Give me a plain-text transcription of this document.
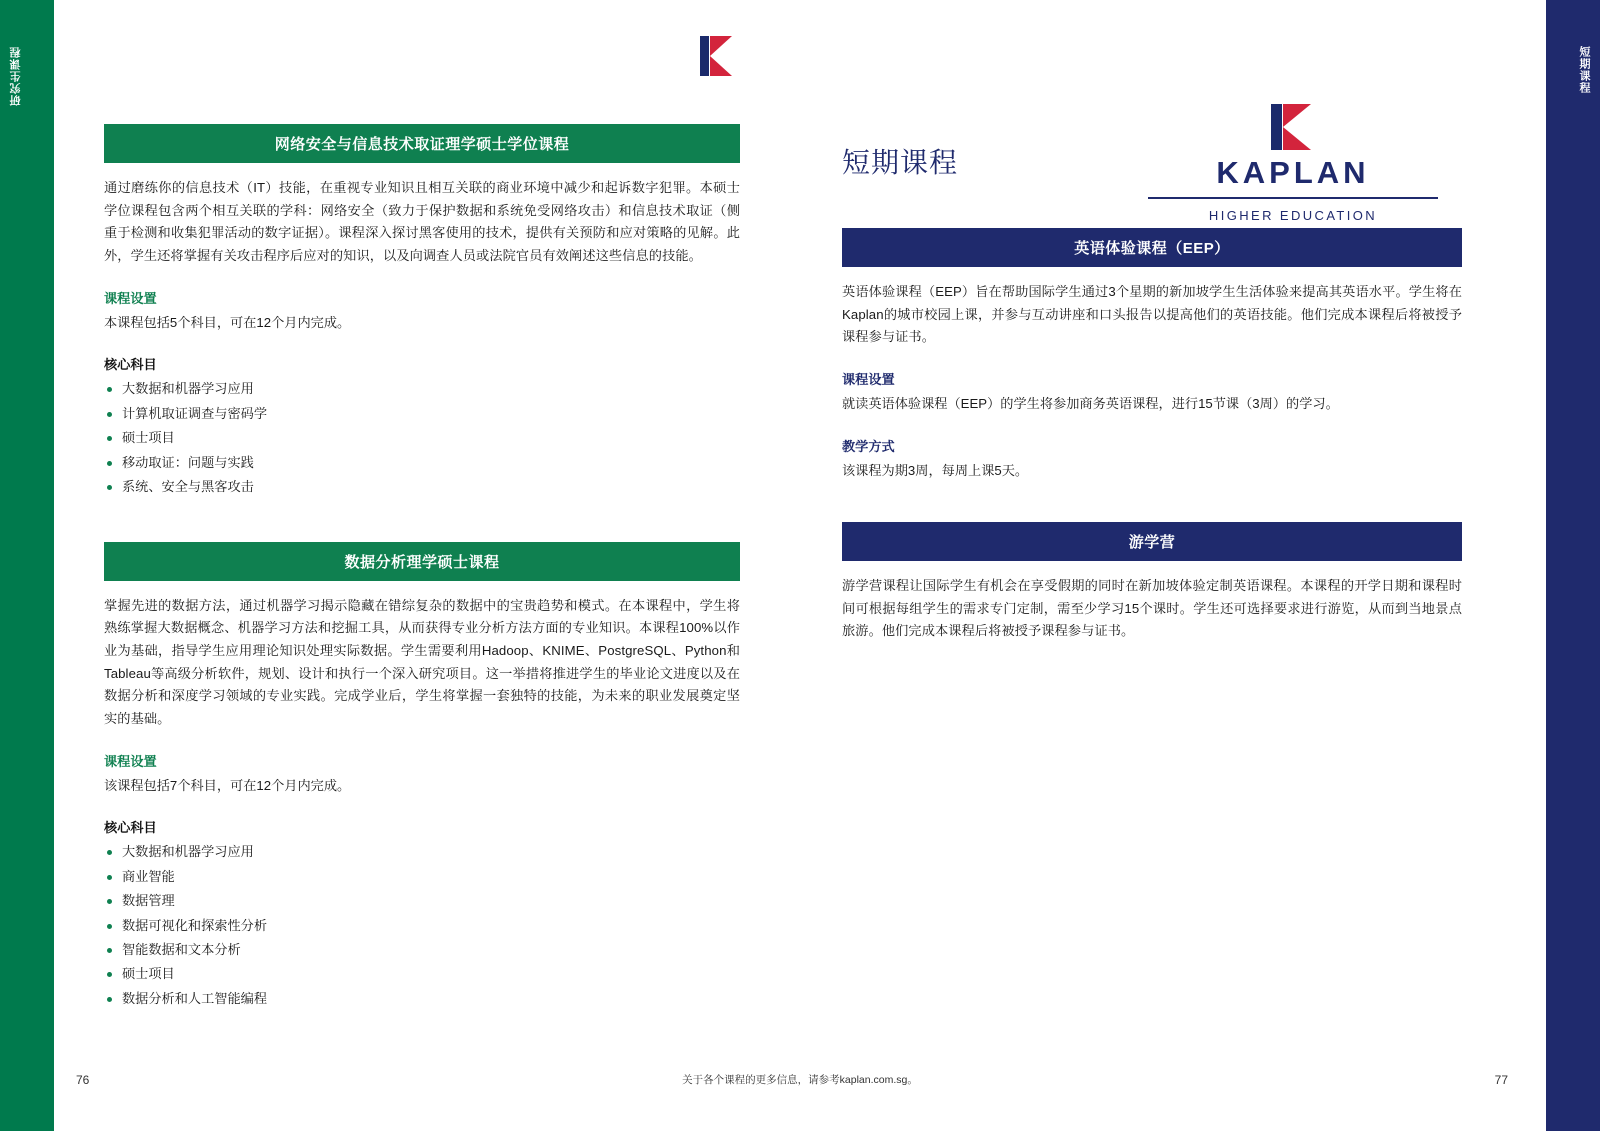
研究生课程
网络安全与信息技术取证理学硕士学位课程
通过磨练你的信息技术（IT）技能，在重视专业知识且相互关联的商业环境中减少和起诉数字犯罪。本硕士学位课程包含两个相互关联的学科：网络安全（致力于保护数据和系统免受网络攻击）和信息技术取证（侧重于检测和收集犯罪活动的数字证据）。课程深入探讨黑客使用的技术，提供有关预防和应对策略的见解。此外，学生还将掌握有关攻击程序后应对的知识，以及向调查人员或法院官员有效阐述这些信息的技能。
课程设置
本课程包括5个科目，可在12个月内完成。
核心科目
大数据和机器学习应用
计算机取证调查与密码学
硕士项目
移动取证：问题与实践
系统、安全与黑客攻击
数据分析理学硕士课程
掌握先进的数据方法，通过机器学习揭示隐藏在错综复杂的数据中的宝贵趋势和模式。在本课程中，学生将熟练掌握大数据概念、机器学习方法和挖掘工具，从而获得专业分析方法方面的专业知识。本课程100%以作业为基础，指导学生应用理论知识处理实际数据。学生需要利用Hadoop、KNIME、PostgreSQL、Python和Tableau等高级分析软件，规划、设计和执行一个深入研究项目。这一举措将推进学生的毕业论文进度以及在数据分析和深度学习领域的专业实践。完成学业后，学生将掌握一套独特的技能，为未来的职业发展奠定坚实的基础。
课程设置
该课程包括7个科目，可在12个月内完成。
核心科目
大数据和机器学习应用
商业智能
数据管理
数据可视化和探索性分析
智能数据和文本分析
硕士项目
数据分析和人工智能编程
76
短期课程
短期课程	KAPLAN
HIGHER EDUCATION
英语体验课程（EEP）
英语体验课程（EEP）旨在帮助国际学生通过3个星期的新加坡学生生活体验来提高其英语水平。学生将在Kaplan的城市校园上课，并参与互动讲座和口头报告以提高他们的英语技能。他们完成本课程后将被授予课程参与证书。
课程设置
就读英语体验课程（EEP）的学生将参加商务英语课程，进行15节课（3周）的学习。
教学方式
该课程为期3周，每周上课5天。
游学营
游学营课程让国际学生有机会在享受假期的同时在新加坡体验定制英语课程。本课程的开学日期和课程时间可根据每组学生的需求专门定制，需至少学习15个课时。学生还可选择要求进行游览，从而到当地景点旅游。他们完成本课程后将被授予课程参与证书。
77
关于各个课程的更多信息，请参考kaplan.com.sg。
